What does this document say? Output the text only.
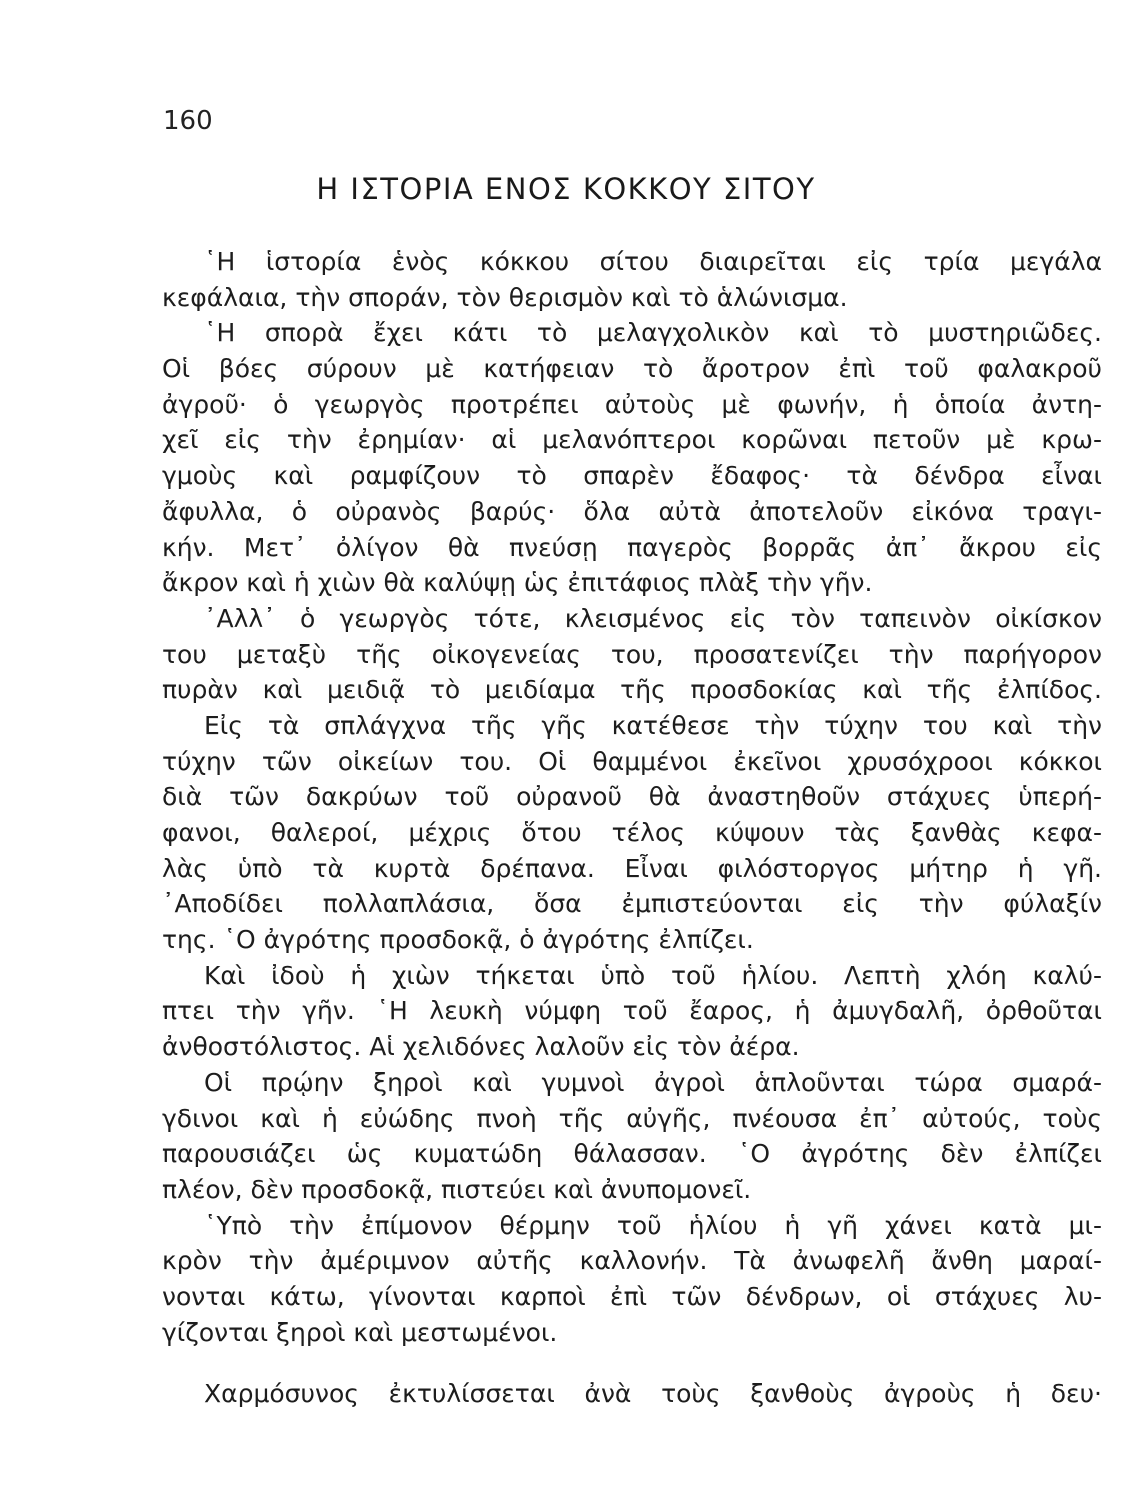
160
Η ΙΣΤΟΡΙΑ ΕΝΟΣ ΚΟΚΚΟΥ ΣΙΤΟΥ
῾Η ἱστορία ἑνὸς κόκκου σίτου διαιρεῖται εἰς τρία μεγάλα
κεφάλαια, τὴν σποράν, τὸν θερισμὸν καὶ τὸ ἁλώνισμα.
῾Η σπορὰ ἔχει κάτι τὸ μελαγχολικὸν καὶ τὸ μυστηριῶδες.
Οἱ βόες σύρουν μὲ κατήφειαν τὸ ἄροτρον ἐπὶ τοῦ φαλακροῦ
ἀγροῦ· ὁ γεωργὸς προτρέπει αὐτοὺς μὲ φωνήν, ἡ ὁποία ἀντη-
χεῖ εἰς τὴν ἐρημίαν· αἱ μελανόπτεροι κορῶναι πετοῦν μὲ κρω-
γμοὺς καὶ ραμφίζουν τὸ σπαρὲν ἔδαφος· τὰ δένδρα εἶναι
ἄφυλλα, ὁ οὐρανὸς βαρύς· ὅλα αὐτὰ ἀποτελοῦν εἰκόνα τραγι-
κήν. Μετ᾽ ὀλίγον θὰ πνεύσῃ παγερὸς βορρᾶς ἀπ᾽ ἄκρου εἰς
ἄκρον καὶ ἡ χιὼν θὰ καλύψῃ ὡς ἐπιτάφιος πλὰξ τὴν γῆν.
᾽Αλλ᾽ ὁ γεωργὸς τότε, κλεισμένος εἰς τὸν ταπεινὸν οἰκίσκον
του μεταξὺ τῆς οἰκογενείας του, προσατενίζει τὴν παρήγορον
πυρὰν καὶ μειδιᾷ τὸ μειδίαμα τῆς προσδοκίας καὶ τῆς ἐλπίδος.
Εἰς τὰ σπλάγχνα τῆς γῆς κατέθεσε τὴν τύχην του καὶ τὴν
τύχην τῶν οἰκείων του. Οἱ θαμμένοι ἐκεῖνοι χρυσόχροοι κόκκοι
διὰ τῶν δακρύων τοῦ οὐρανοῦ θὰ ἀναστηθοῦν στάχυες ὑπερή-
φανοι, θαλεροί, μέχρις ὅτου τέλος κύψουν τὰς ξανθὰς κεφα-
λὰς ὑπὸ τὰ κυρτὰ δρέπανα. Εἶναι φιλόστοργος μήτηρ ἡ γῆ.
᾽Αποδίδει πολλαπλάσια, ὅσα ἐμπιστεύονται εἰς τὴν φύλαξίν
της. ῾Ο ἀγρότης προσδοκᾷ, ὁ ἀγρότης ἐλπίζει.
Καὶ ἰδοὺ ἡ χιὼν τήκεται ὑπὸ τοῦ ἡλίου. Λεπτὴ χλόη καλύ-
πτει τὴν γῆν. ῾Η λευκὴ νύμφη τοῦ ἔαρος, ἡ ἀμυγδαλῆ, ὀρθοῦται
ἀνθοστόλιστος. Αἱ χελιδόνες λαλοῦν εἰς τὸν ἀέρα.
Οἱ πρῴην ξηροὶ καὶ γυμνοὶ ἀγροὶ ἁπλοῦνται τώρα σμαρά-
γδινοι καὶ ἡ εὐώδης πνοὴ τῆς αὐγῆς, πνέουσα ἐπ᾽ αὐτούς, τοὺς
παρουσιάζει ὡς κυματώδη θάλασσαν. ῾Ο ἀγρότης δὲν ἐλπίζει
πλέον, δὲν προσδοκᾷ, πιστεύει καὶ ἀνυπομονεῖ.
῾Υπὸ τὴν ἐπίμονον θέρμην τοῦ ἡλίου ἡ γῆ χάνει κατὰ μι-
κρὸν τὴν ἀμέριμνον αὐτῆς καλλονήν. Τὰ ἀνωφελῆ ἄνθη μαραί-
νονται κάτω, γίνονται καρποὶ ἐπὶ τῶν δένδρων, οἱ στάχυες λυ-
γίζονται ξηροὶ καὶ μεστωμένοι.
Χαρμόσυνος ἐκτυλίσσεται ἀνὰ τοὺς ξανθοὺς ἀγροὺς ἡ δευ·
